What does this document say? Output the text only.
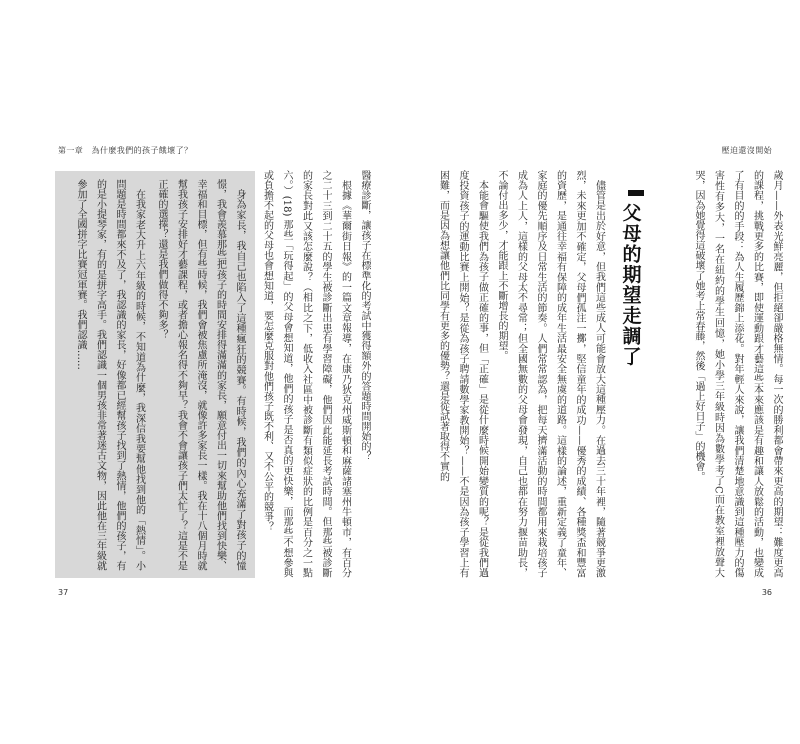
第一章　為什麼我們的孩子餓壞了？

身為家長，我自己也陷入了這種瘋狂的競賽。有時候，我們的內心充滿了對孩子的憧憬，我會羨慕那些把孩子的時間安排得滿滿的家長，願意付出一切來幫助他們找到快樂、幸福和目標，但有些時候，我們會被焦慮所淹沒，就像許多家長一樣。我在十八個月時就幫我孩子安排好才藝課程，或者擔心報名得不夠早？我會不會讓孩子們太忙了？這是不是正確的選擇？還是我們做得不夠多？

在我家老大升上六年級的時候，不知道為什麼，我深信我要幫他找到他的「熱情」。小問題是時間都來不及了，我認識的家長，好像都已經幫孩子找到了熱情，他們的孩子，有的是小提琴家，有的是拼字高手。我們認識一個男孩非常著迷古文物，因此他在三年級就參加了全國拼字比賽冠軍賽。我們認識……	醫療診斷，讓孩子在標準化的考試中獲得額外的答題時間開始的？

根據《華爾街日報》的一篇文章報導，在康乃狄克州威斯頓和麻薩諸塞州牛頓市，有百分之二十三到二十五的學生被診斷出患有學習障礙，他們因此能延長考試時間。但那些被診斷的家長對此又該怎麼說？（相比之下，低收入社區中被診斷有類似症狀的比例是百分之一點六。）(18) 那些「玩得起」的父母會想知道，他們的孩子是否真的更快樂，而那些不想參與或負擔不起的父母也會想知道，要怎麼克服對他們孩子既不利、又不公平的競爭？

37
壓迫還沒開始

歲月——外表光鮮亮麗，但拒絕卻嚴格無情。每一次的勝利都會帶來更高的期望：難度更高的課程，挑戰更多的比賽，即使運動跟才藝這些本來應該是有趣和讓人放鬆的活動，也變成了有目的的手段：為人生履歷錦上添花。對年輕人來說，讓我們清楚地意識到這種壓力的傷害性有多大，一名在紐約的學生回憶，她小學三年級時因為數學考了C而在教室裡放聲大哭，因為她覺得這破壞了她考上常春藤，然後「過上好日子」的機會。

父母的期望走調了

儘管是出於好意，但我們這些成人可能會放大這種壓力。在過去三十年裡，隨著競爭更激烈，未來更加不確定，父母們孤注一擲，堅信童年的成功——優秀的成績、各種獎盃和豐富的資歷，是通往幸福有保障的成年生活最安全無虞的道路。這樣的論述，重新定義了童年、家庭的優先順序及日常生活的節奏。人們常常認為，把每天擠滿活動的時間都用來栽培孩子成為人上人，這樣的父母太不尋常；但全國無數的父母會發現，自己也都在努力揠苗助長，不論付出多少，才能跟上不斷增長的期望。

本能會驅使我們為孩子做正確的事，但「正確」是從什麼時候開始變質的呢？是從我們過度投資孩子的運動比賽上開始？是從為孩子聘請數學家教開始？——不是因為孩子學習上有困難，而是因為想讓他們比同學有更多的優勢？還是從試著取得不實的

36
